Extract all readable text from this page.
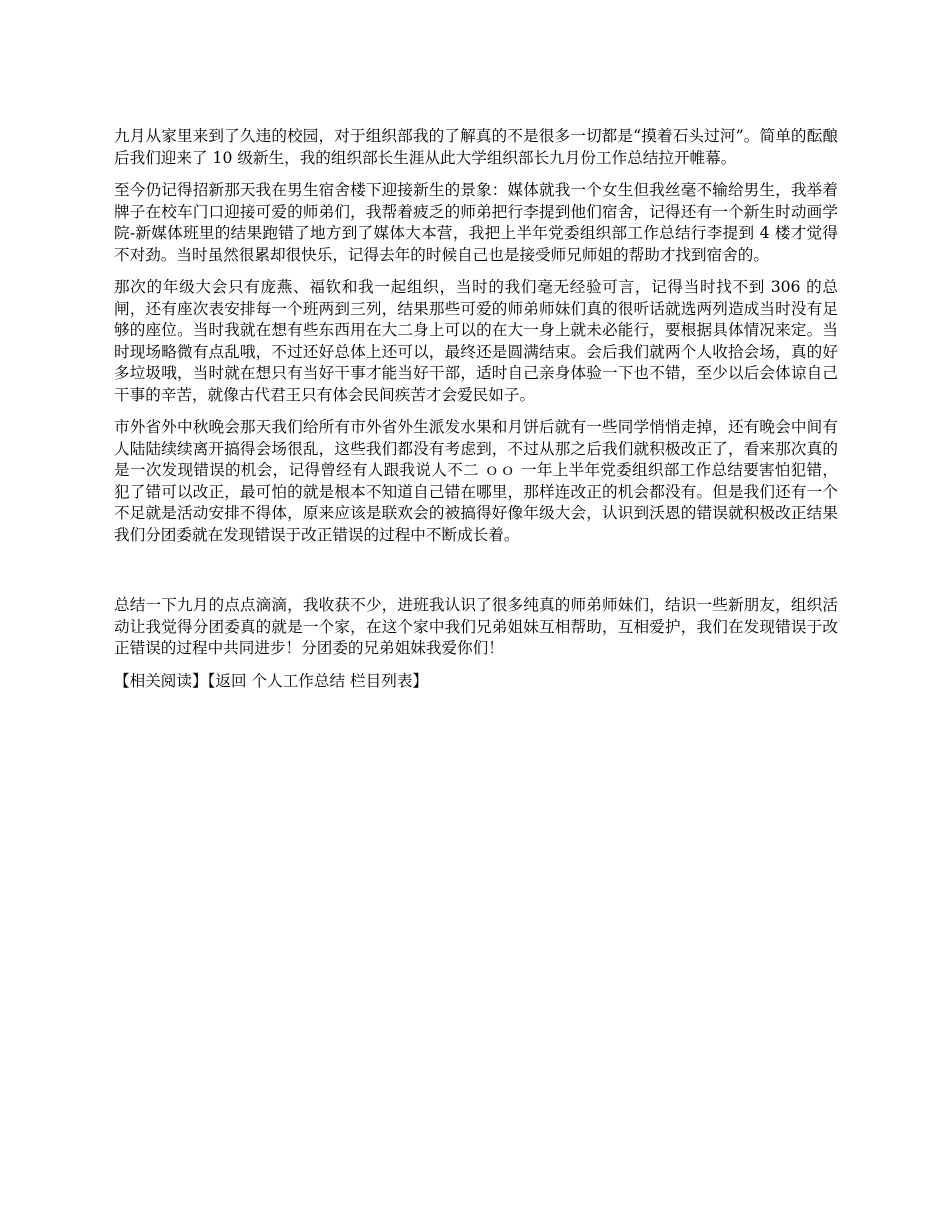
九月从家里来到了久违的校园，对于组织部我的了解真的不是很多一切都是“摸着石头过河”。简单的酝酿后我们迎来了 10 级新生，我的组织部长生涯从此大学组织部长九月份工作总结拉开帷幕。

至今仍记得招新那天我在男生宿舍楼下迎接新生的景象：媒体就我一个女生但我丝毫不输给男生，我举着牌子在校车门口迎接可爱的师弟们，我帮着疲乏的师弟把行李提到他们宿舍，记得还有一个新生时动画学院-新媒体班里的结果跑错了地方到了媒体大本营，我把上半年党委组织部工作总结行李提到 4 楼才觉得不对劲。当时虽然很累却很快乐，记得去年的时候自己也是接受师兄师姐的帮助才找到宿舍的。

那次的年级大会只有庞燕、福钦和我一起组织，当时的我们毫无经验可言，记得当时找不到 306 的总闸，还有座次表安排每一个班两到三列，结果那些可爱的师弟师妹们真的很听话就选两列造成当时没有足够的座位。当时我就在想有些东西用在大二身上可以的在大一身上就未必能行，要根据具体情况来定。当时现场略微有点乱哦，不过还好总体上还可以，最终还是圆满结束。会后我们就两个人收拾会场，真的好多垃圾哦，当时就在想只有当好干事才能当好干部，适时自己亲身体验一下也不错，至少以后会体谅自己干事的辛苦，就像古代君王只有体会民间疾苦才会爱民如子。

市外省外中秋晚会那天我们给所有市外省外生派发水果和月饼后就有一些同学悄悄走掉，还有晚会中间有人陆陆续续离开搞得会场很乱，这些我们都没有考虑到，不过从那之后我们就积极改正了，看来那次真的是一次发现错误的机会，记得曾经有人跟我说人不二 ｏｏ 一年上半年党委组织部工作总结要害怕犯错，犯了错可以改正，最可怕的就是根本不知道自己错在哪里，那样连改正的机会都没有。但是我们还有一个不足就是活动安排不得体，原来应该是联欢会的被搞得好像年级大会，认识到沃恩的错误就积极改正结果我们分团委就在发现错误于改正错误的过程中不断成长着。

总结一下九月的点点滴滴，我收获不少，进班我认识了很多纯真的师弟师妹们，结识一些新朋友，组织活动让我觉得分团委真的就是一个家，在这个家中我们兄弟姐妹互相帮助，互相爱护，我们在发现错误于改正错误的过程中共同进步！分团委的兄弟姐妹我爱你们！

【相关阅读】【返回 个人工作总结 栏目列表】
